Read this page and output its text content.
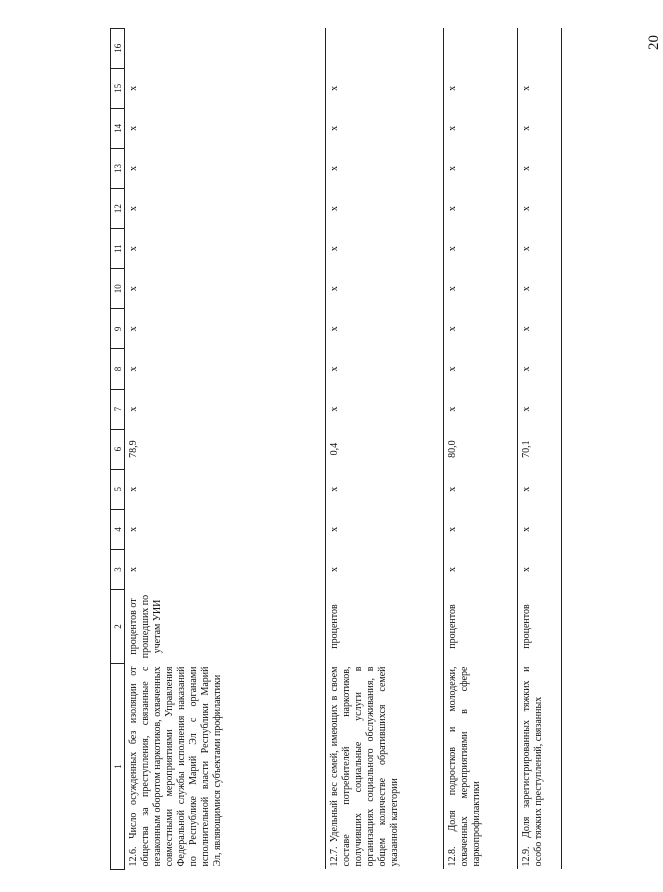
20
1	2	3	4	5	6	7	8	9	10	11	12	13	14	15	16
12.6. Число осужденных без изоляции от общества за преступления, связанные с незаконным оборотом наркотиков, охваченных совместными мероприятиями Управления Федеральной службы исполнения наказаний по Республике Марий Эл с органами исполнительной власти Республики Марий Эл, являющимися субъектами профилактики	процентов от прошедших по учетам УИИ	x	x	x	78,9	x	x	x	x	x	x	x	x	x	
12.7. Удельный вес семей, имеющих в своем составе потребителей наркотиков, получивших социальные услуги в организациях социального обслуживания, в общем количестве обратившихся семей указанной категории	процентов	x	x	x	0,4	x	x	x	x	x	x	x	x	x	
12.8. Доля подростков и молодежи, охваченных мероприятиями в сфере наркопрофилактики	процентов	x	x	x	80,0	x	x	x	x	x	x	x	x	x	
12.9. Доля зарегистрированных тяжких и особо тяжких преступлений, связанных	процентов	x	x	x	70,1	x	x	x	x	x	x	x	x	x	
